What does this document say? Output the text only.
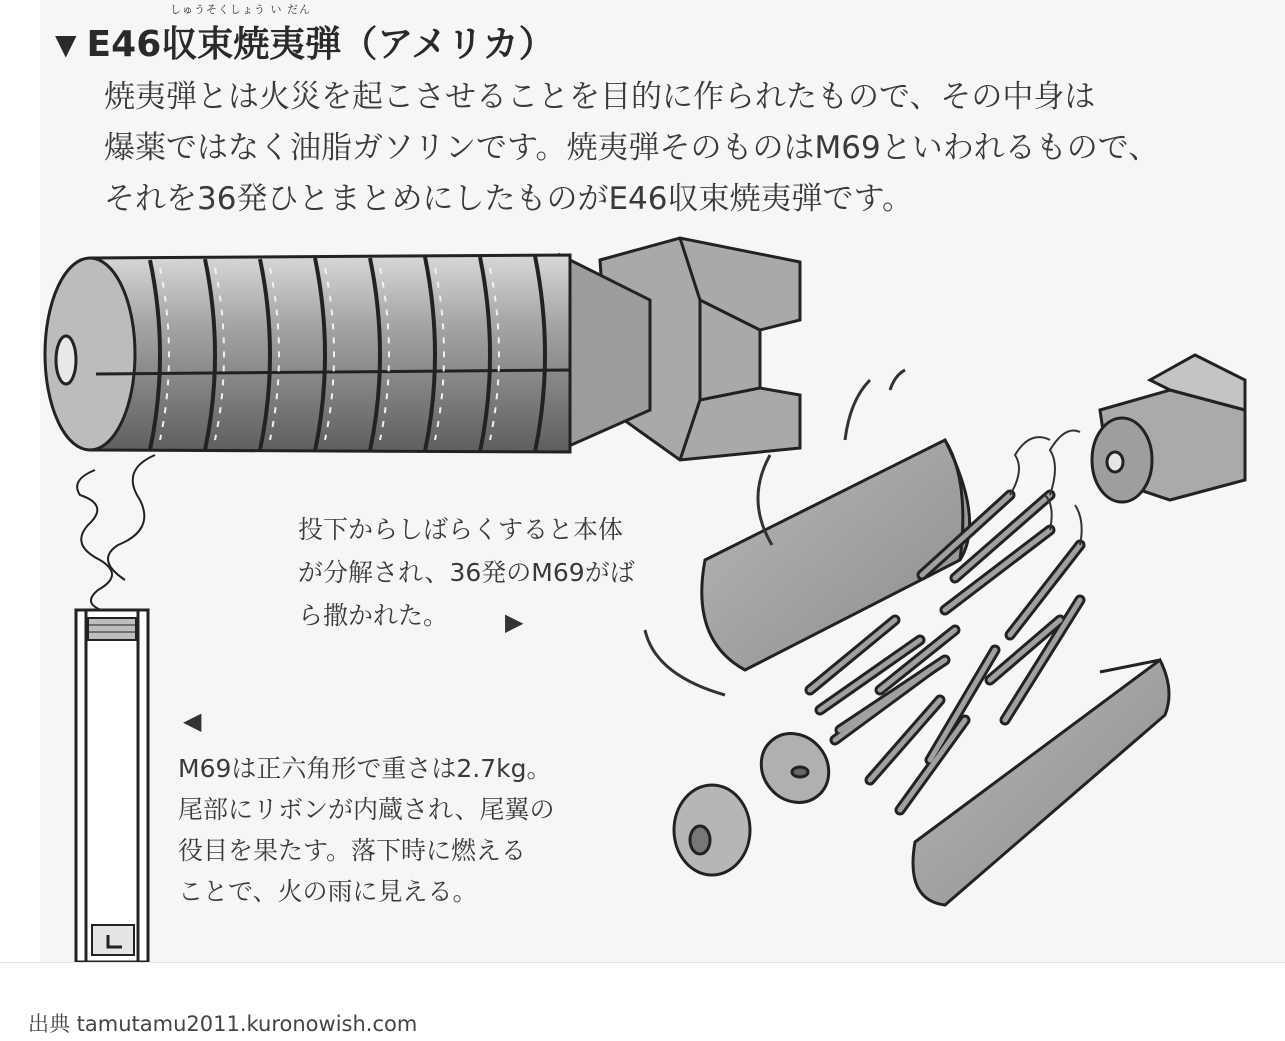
しゅうそくしょう い だん
▼ E46収束焼夷弾（アメリカ）
焼夷弾とは火災を起こさせることを目的に作られたもので、その中身は
爆薬ではなく油脂ガソリンです。焼夷弾そのものはM69といわれるもので、
それを36発ひとまとめにしたものがE46収束焼夷弾です。
投下からしばらくすると本体
が分解され、36発のM69がば
ら撒かれた。	▶
◀
M69は正六角形で重さは2.7kg。
尾部にリボンが内蔵され、尾翼の
役目を果たす。落下時に燃える
ことで、火の雨に見える。
出典 tamutamu2011.kuronowish.com
